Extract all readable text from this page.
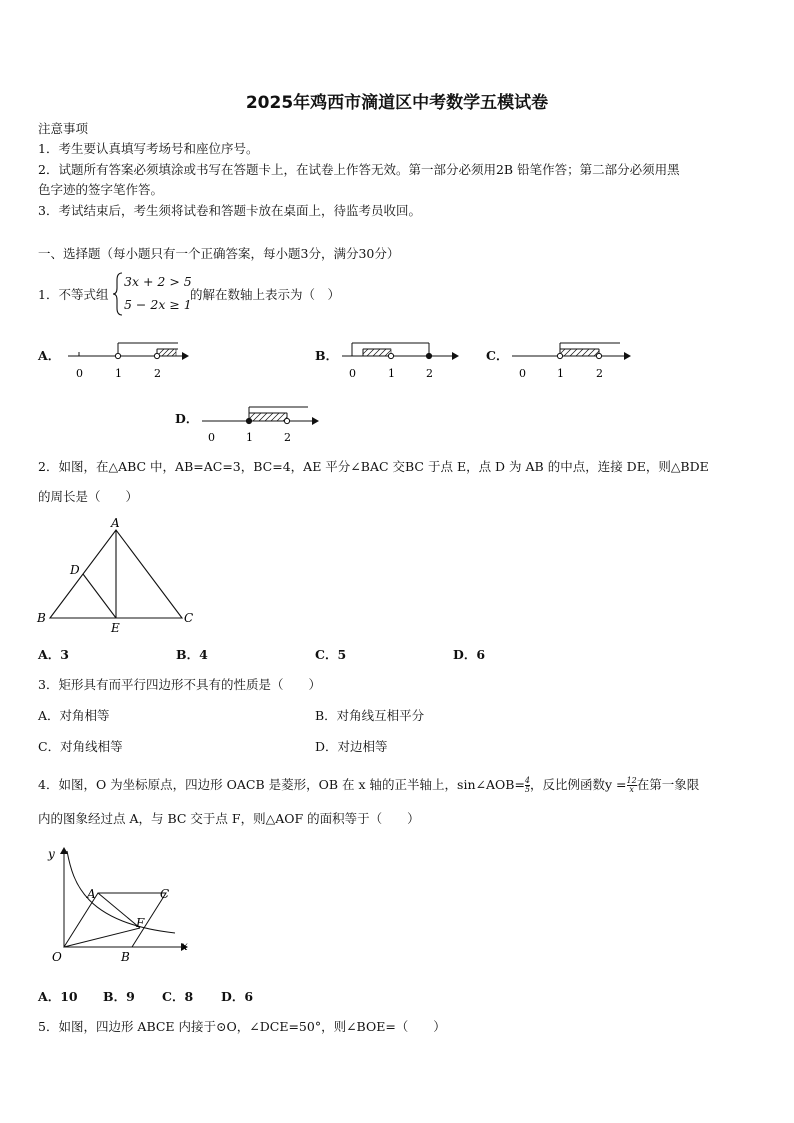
2025年鸡西市滴道区中考数学五模试卷
注意事项
1．考生要认真填写考场号和座位序号。
2．试题所有答案必须填涂或书写在答题卡上，在试卷上作答无效。第一部分必须用2B 铅笔作答；第二部分必须用黑
色字迹的签字笔作答。
3．考试结束后，考生须将试卷和答题卡放在桌面上，待监考员收回。
一、选择题（每小题只有一个正确答案，每小题3分，满分30分）
1．不等式组
3x + 2 > 5
5 − 2x ≥ 1
的解在数轴上表示为（　）
A．
0	1	2
B．
0	1	2
C．
0	1	2
D．
0	1	2
2．如图，在△ABC 中，AB=AC=3，BC=4，AE 平分∠BAC 交BC 于点 E，点 D 为 AB 的中点，连接 DE，则△BDE
的周长是（　　）
A
D
B	C
E
A．3	B．4	C．5	D．6
3．矩形具有而平行四边形不具有的性质是（　　）
A．对角相等	B．对角线互相平分
C．对角线相等	D．对边相等
4．如图，O 为坐标原点，四边形 OACB 是菱形，OB 在 x 轴的正半轴上，sin∠AOB= $\frac{4}{5}$ ，反比例函数$y = \frac{12}{x}$ 在第一象限
内的图象经过点 A，与 BC 交于点 F，则△AOF 的面积等于（　　）
y
x
O
A	C
F
B
A．10 B．9 C．8 D．6
5．如图，四边形 ABCE 内接于⊙O，∠DCE=50°，则∠BOE=（　　）
